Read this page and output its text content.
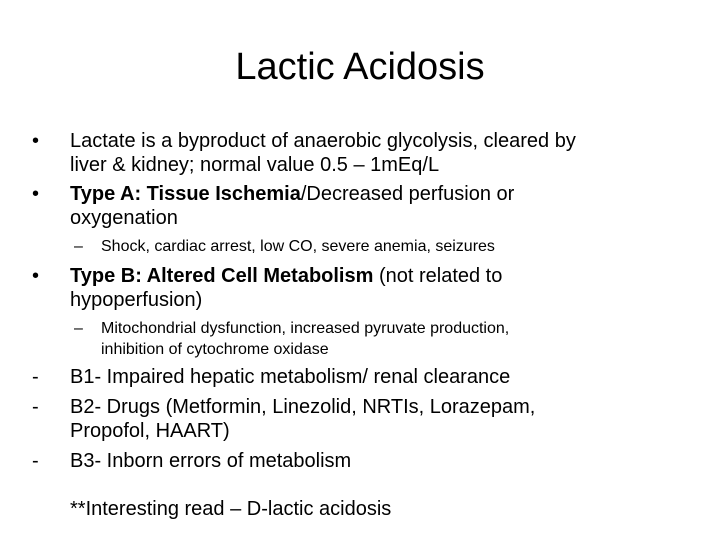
Lactic Acidosis
• Lactate is a byproduct of anaerobic glycolysis, cleared by
liver & kidney; normal value 0.5 – 1mEq/L
• Type A: Tissue Ischemia/Decreased perfusion or
oxygenation
– Shock, cardiac arrest, low CO, severe anemia, seizures
• Type B: Altered Cell Metabolism (not related to
hypoperfusion)
– Mitochondrial dysfunction, increased pyruvate production,
inhibition of cytochrome oxidase
- B1- Impaired hepatic metabolism/ renal clearance
- B2- Drugs (Metformin, Linezolid, NRTIs, Lorazepam,
Propofol, HAART)
- B3- Inborn errors of metabolism
**Interesting read – D-lactic acidosis
